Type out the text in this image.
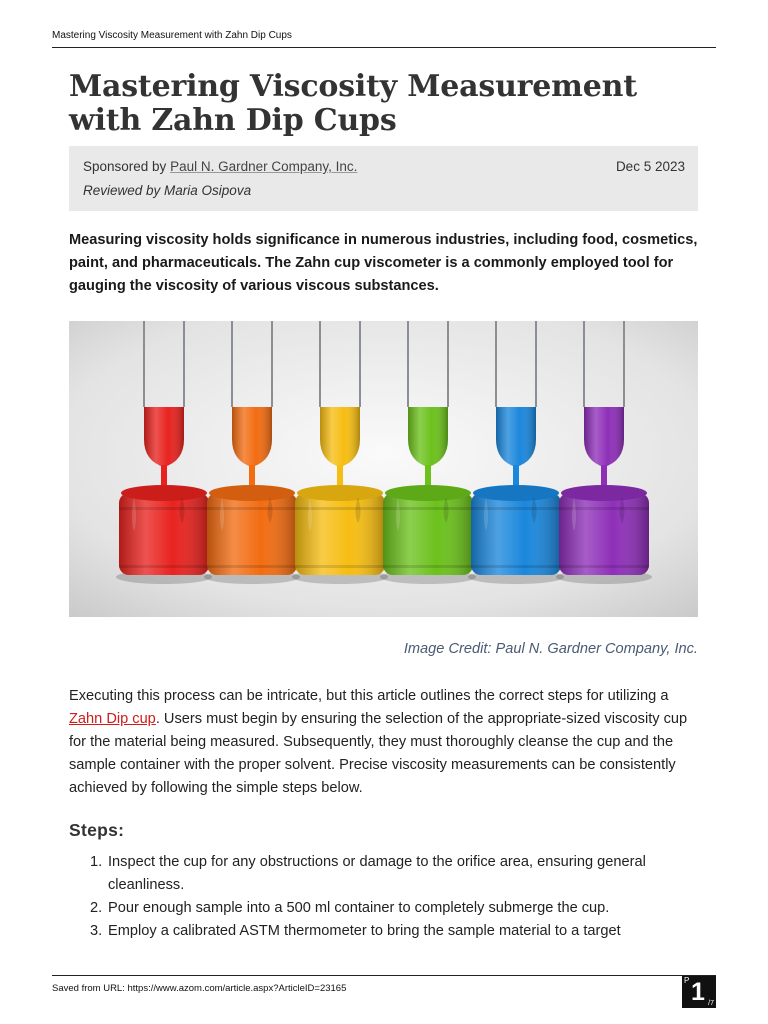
Mastering Viscosity Measurement with Zahn Dip Cups
Mastering Viscosity Measurement with Zahn Dip Cups
Sponsored by Paul N. Gardner Company, Inc.	Dec 5 2023
Reviewed by Maria Osipova

Measuring viscosity holds significance in numerous industries, including food, cosmetics, paint, and pharmaceuticals. The Zahn cup viscometer is a commonly employed tool for gauging the viscosity of various viscous substances.

Image Credit: Paul N. Gardner Company, Inc.

Executing this process can be intricate, but this article outlines the correct steps for utilizing a Zahn Dip cup. Users must begin by ensuring the selection of the appropriate-sized viscosity cup for the material being measured. Subsequently, they must thoroughly cleanse the cup and the sample container with the proper solvent. Precise viscosity measurements can be consistently achieved by following the simple steps below.

Steps:
1. Inspect the cup for any obstructions or damage to the orifice area, ensuring general cleanliness.
2. Pour enough sample into a 500 ml container to completely submerge the cup.
3. Employ a calibrated ASTM thermometer to bring the sample material to a target
Saved from URL: https://www.azom.com/article.aspx?ArticleID=23165
P 1 /7
